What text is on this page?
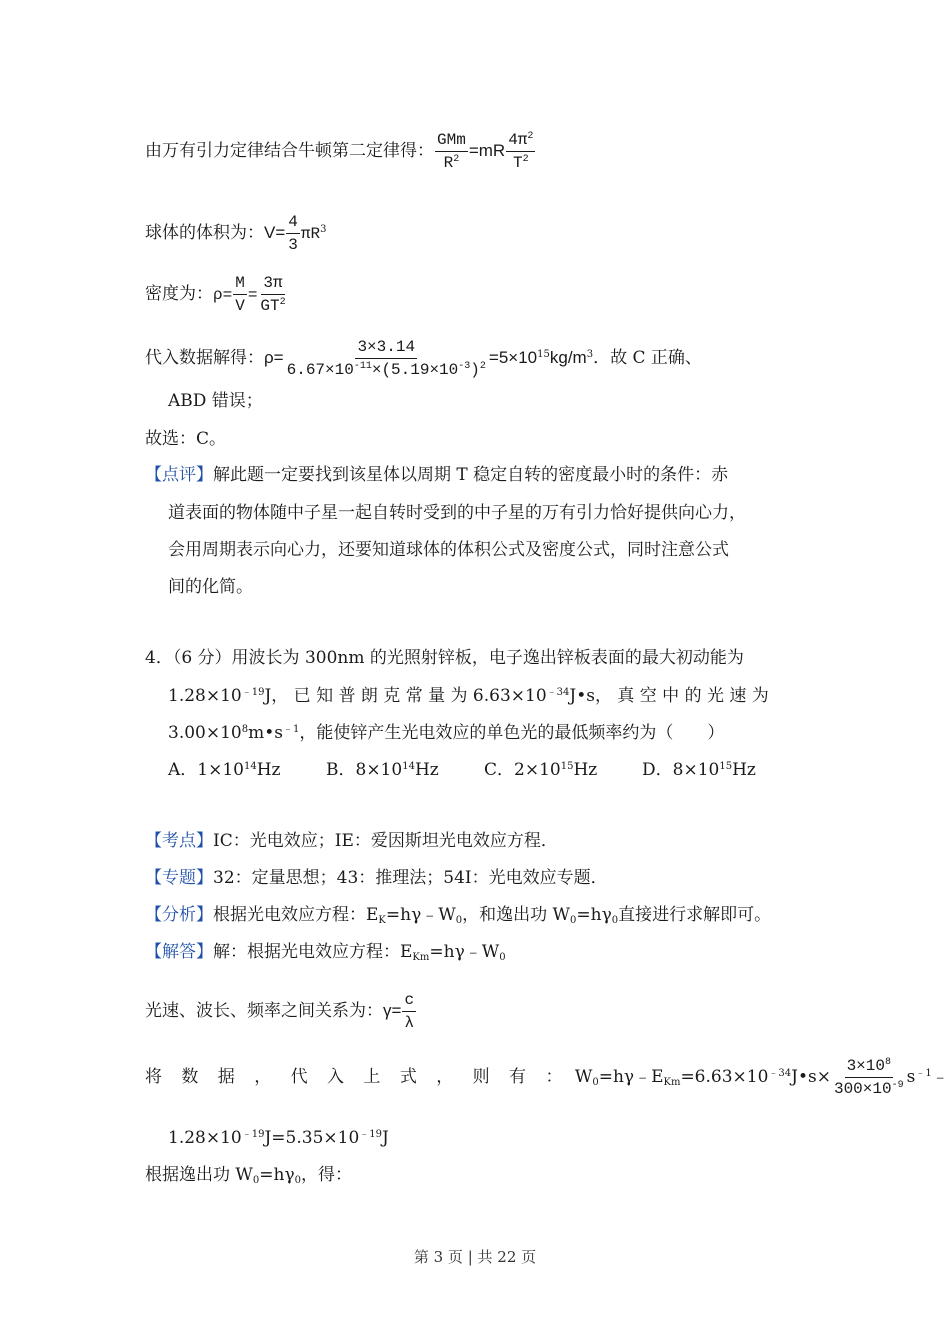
由万有引力定律结合牛顿第二定律得： $\frac{\text{GMm}}{R^2} =mR \frac{4\pi^2}{T^2}$
球体的体积为：$V= \frac{4}{3} \pi R^3$
密度为：$\rho= \frac{M}{V} = \frac{3\pi}{GT^2}$
代入数据解得：$\rho= \frac{3\times 3.14}{6.67\times 10^{-11}\times(5.19\times 10^{-3})^2} =5\times 10^{15}kg/m^3$．故 C 正确、
ABD 错误；
故选：C。
【点评】解此题一定要找到该星体以周期 T 稳定自转的密度最小时的条件：赤
道表面的物体随中子星一起自转时受到的中子星的万有引力恰好提供向心力，
会用周期表示向心力，还要知道球体的体积公式及密度公式，同时注意公式
间的化简。
4．（6 分）用波长为 300nm 的光照射锌板，电子逸出锌板表面的最大初动能为
$1.28\times 10^{﹣19}J$， 已 知 普 朗 克 常 量 为 $6.63\times 10^{﹣34}J•s$， 真 空 中 的 光 速 为
$3.00\times 10^8m•s^{﹣1}$，能使锌产生光电效应的单色光的最低频率约为（　　）
A．$1\times 10^{14}Hz$	B．$8\times 10^{14}Hz$	C．$2\times 10^{15}Hz$	D．$8\times 10^{15}Hz$
【考点】IC：光电效应；IE：爱因斯坦光电效应方程．
【专题】32：定量思想；43：推理法；54I：光电效应专题．
【分析】根据光电效应方程：$E_K=h\gamma﹣W_0$，和逸出功 $W_0=h\gamma_0$直接进行求解即可。
【解答】解：根据光电效应方程：$E_{Km}=h\gamma﹣W_0$
光速、波长、频率之间关系为：$\gamma= \frac{c}{\lambda}$
将 数 据 ， 代 入 上 式 ， 则 有 ： $W_0=h\gamma﹣E_{Km}=6.63\times 10^{﹣34}J•s\times \frac{3\times 10^8}{300\times 10^{-9}}$ $s^{﹣1}﹣$
$1.28\times 10^{﹣19}J=5.35\times 10^{﹣19}J$
根据逸出功 $W_0=h\gamma_0$，得：
第 3 页 | 共 22 页
